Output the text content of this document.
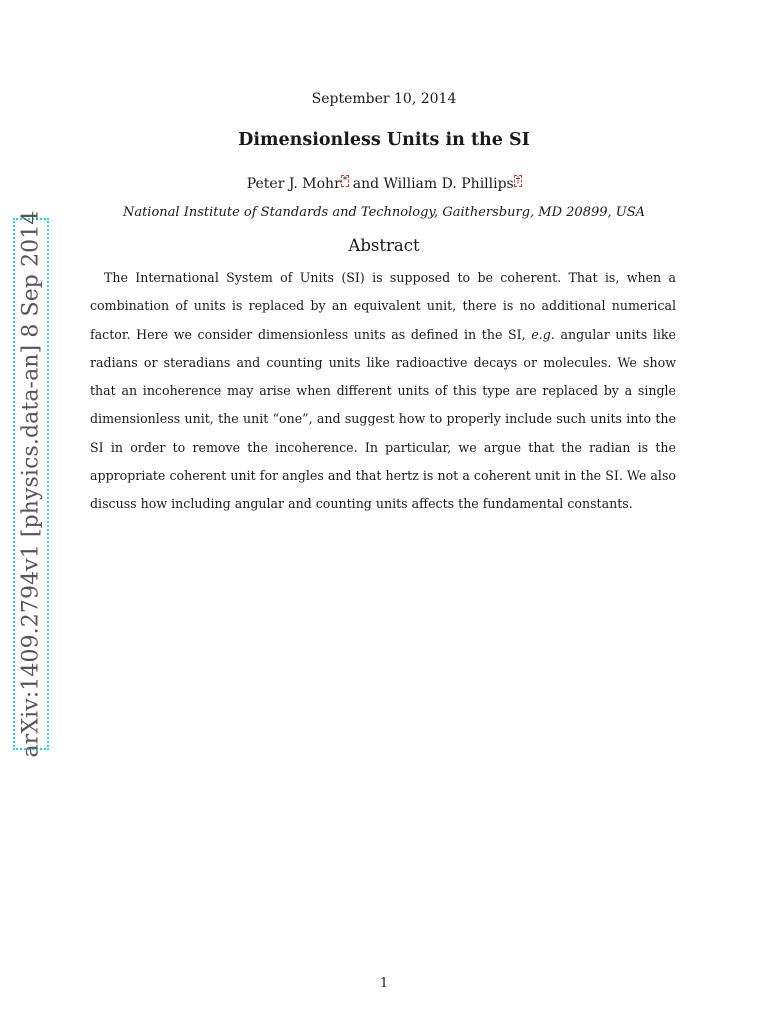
September 10, 2014
Dimensionless Units in the SI
Peter J. Mohr * and William D. Phillips †
National Institute of Standards and Technology, Gaithersburg, MD 20899, USA
Abstract

The International System of Units (SI) is supposed to be coherent. That is, when a combination of units is replaced by an equivalent unit, there is no additional numerical factor. Here we consider dimensionless units as defined in the SI, e.g. angular units like radians or steradians and counting units like radioactive decays or molecules. We show that an incoherence may arise when different units of this type are replaced by a single dimensionless unit, the unit “one”, and suggest how to properly include such units into the SI in order to remove the incoherence. In particular, we argue that the radian is the appropriate coherent unit for angles and that hertz is not a coherent unit in the SI. We also discuss how including angular and counting units affects the fundamental constants.

arXiv:1409.2794v1 [physics.data-an] 8 Sep 2014
1
